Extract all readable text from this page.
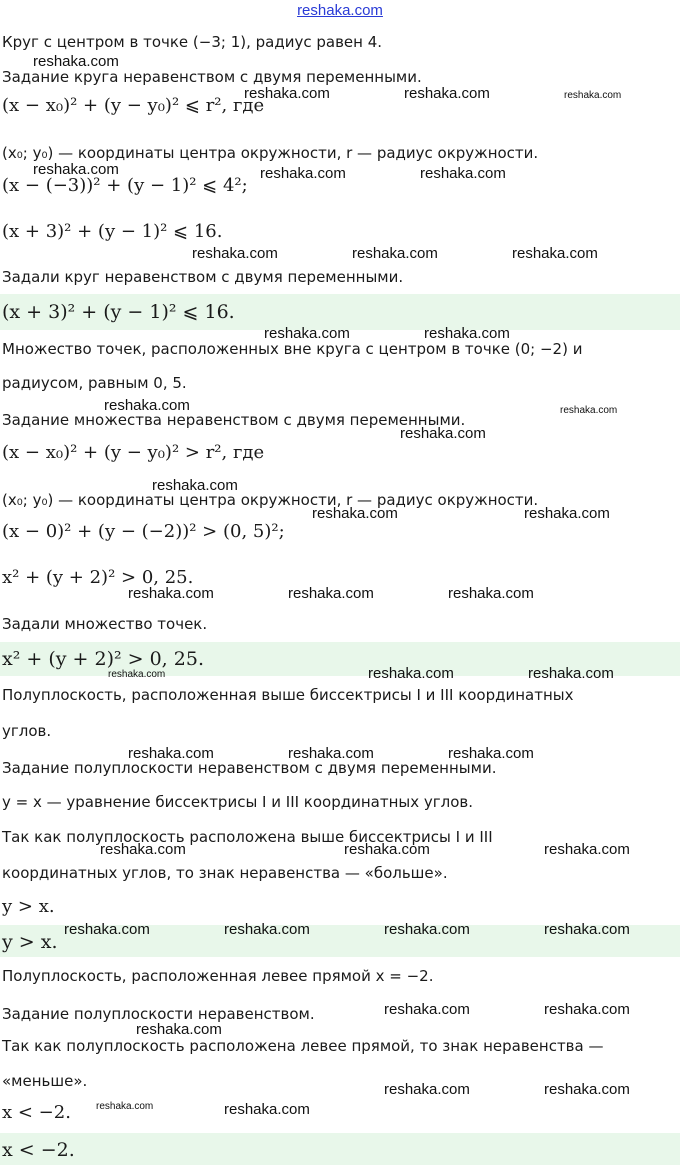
reshaka.com
Круг с центром в точке (−3; 1), радиус равен 4.
Задание круга неравенством с двумя переменными.
(x − x₀)² + (y − y₀)² ⩽ r², где
(x₀; y₀) — координаты центра окружности, r — радиус окружности.
(x − (−3))² + (y − 1)² ⩽ 4²;
(x + 3)² + (y − 1)² ⩽ 16.
Задали круг неравенством с двумя переменными.
(x + 3)² + (y − 1)² ⩽ 16.
Множество точек, расположенных вне круга с центром в точке (0; −2) и
радиусом, равным 0, 5.
Задание множества неравенством с двумя переменными.
(x − x₀)² + (y − y₀)² > r², где
(x₀; y₀) — координаты центра окружности, r — радиус окружности.
(x − 0)² + (y − (−2))² > (0, 5)²;
x² + (y + 2)² > 0, 25.
Задали множество точек.
x² + (y + 2)² > 0, 25.
Полуплоскость, расположенная выше биссектрисы I и III координатных
углов.
Задание полуплоскости неравенством с двумя переменными.
y = x — уравнение биссектрисы I и III координатных углов.
Так как полуплоскость расположена выше биссектрисы I и III
координатных углов, то знак неравенства — «больше».
y > x.
y > x.
Полуплоскость, расположенная левее прямой x = −2.
Задание полуплоскости неравенством.
Так как полуплоскость расположена левее прямой, то знак неравенства —
«меньше».
x < −2.
x < −2.
reshaka.com
reshaka.com	reshaka.com	reshaka.com
reshaka.com	reshaka.com	reshaka.com
reshaka.com	reshaka.com	reshaka.com
reshaka.com	reshaka.com
reshaka.com	reshaka.com
reshaka.com
reshaka.com
reshaka.com	reshaka.com
reshaka.com	reshaka.com	reshaka.com
reshaka.com	reshaka.com	reshaka.com
reshaka.com	reshaka.com	reshaka.com
reshaka.com	reshaka.com	reshaka.com
reshaka.com	reshaka.com	reshaka.com	reshaka.com
reshaka.com	reshaka.com
reshaka.com
reshaka.com	reshaka.com
reshaka.com	reshaka.com
